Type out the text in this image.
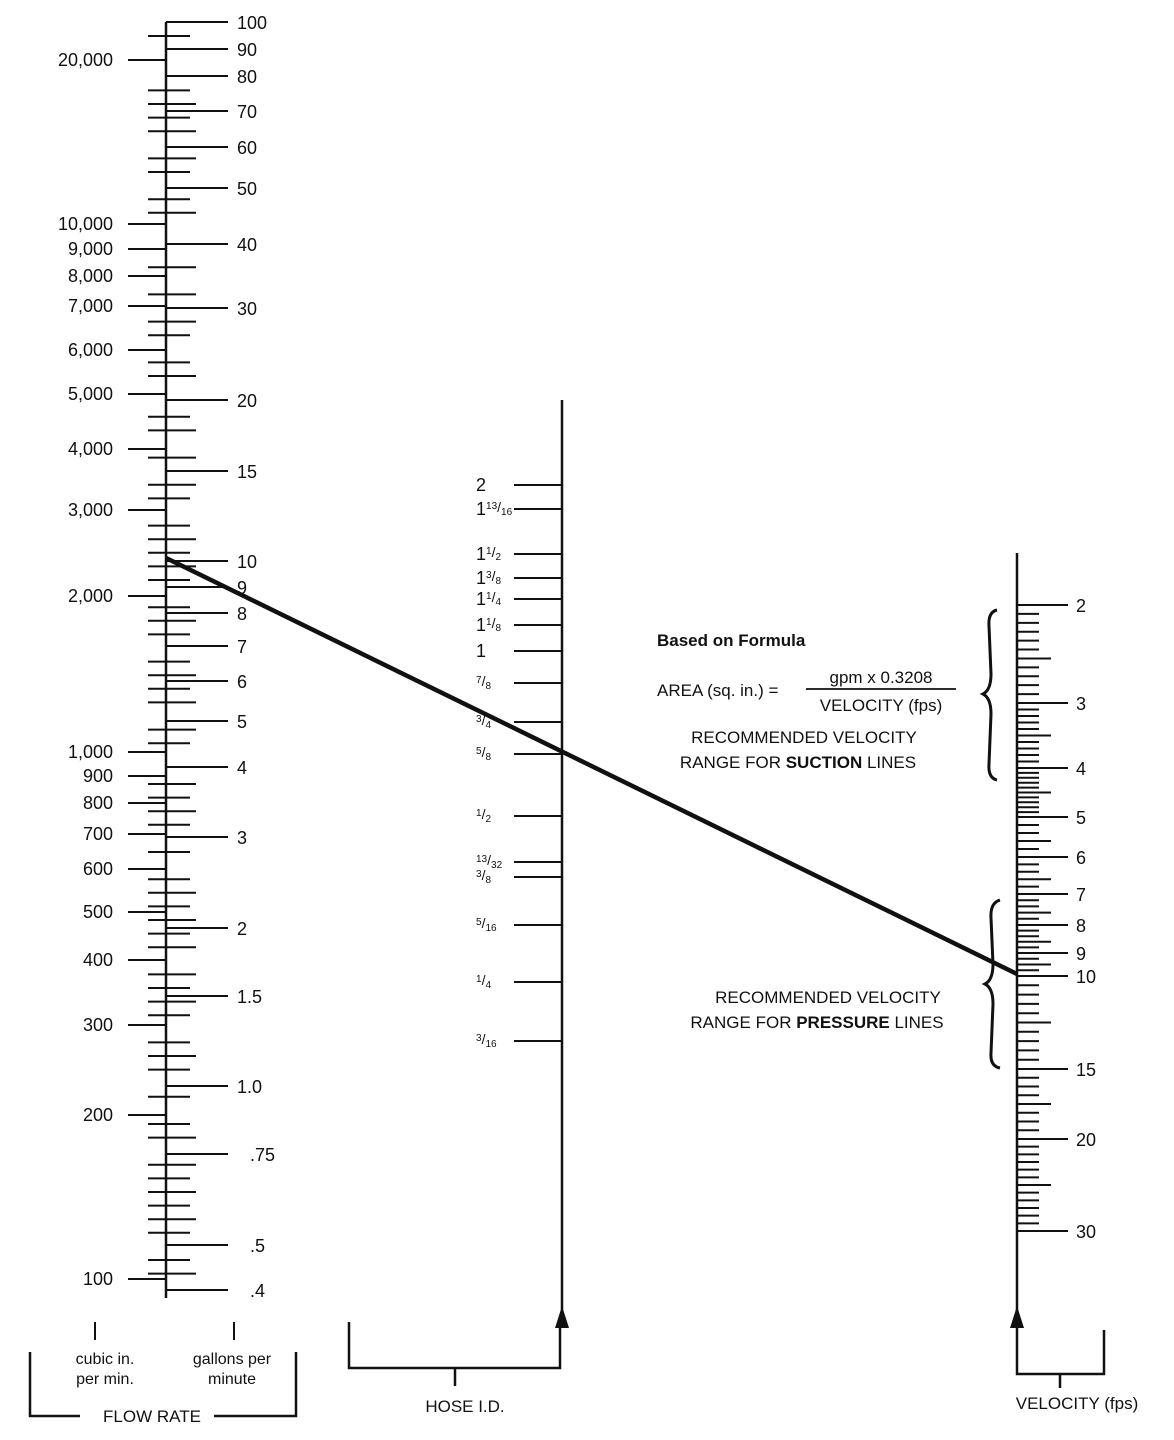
20,000
10,000
9,000
8,000
7,000
6,000
5,000
4,000
3,000
2,000
1,000
900
800
700
600
500
400
300
200
100
100
90
80
70
60
50
40
30
20
15
10
9
8
7
6
5
4
3
2
1.5
1.0
.75
.5
.4
2
$1^{13}/16$
$1^1/2$
$1^3/8$
$1^1/4$
$1^1/8$
1
$^7$/8
$^3$/4
$^5$/8
$^1$/2
$^{13}$/32
$^3$/8
$^5$/16
$^1$/4
$^3$/16
2
3
4
5
6
7
8
9
10
15
20
30
cubic in.
per min.
gallons per
minute
FLOW RATE
HOSE I.D.	VELOCITY (fps)
Based on Formula
AREA (sq. in.) =
gpm x 0.3208
VELOCITY (fps)
RECOMMENDED VELOCITY
RANGE FOR SUCTION LINES
RECOMMENDED VELOCITY
RANGE FOR PRESSURE LINES
